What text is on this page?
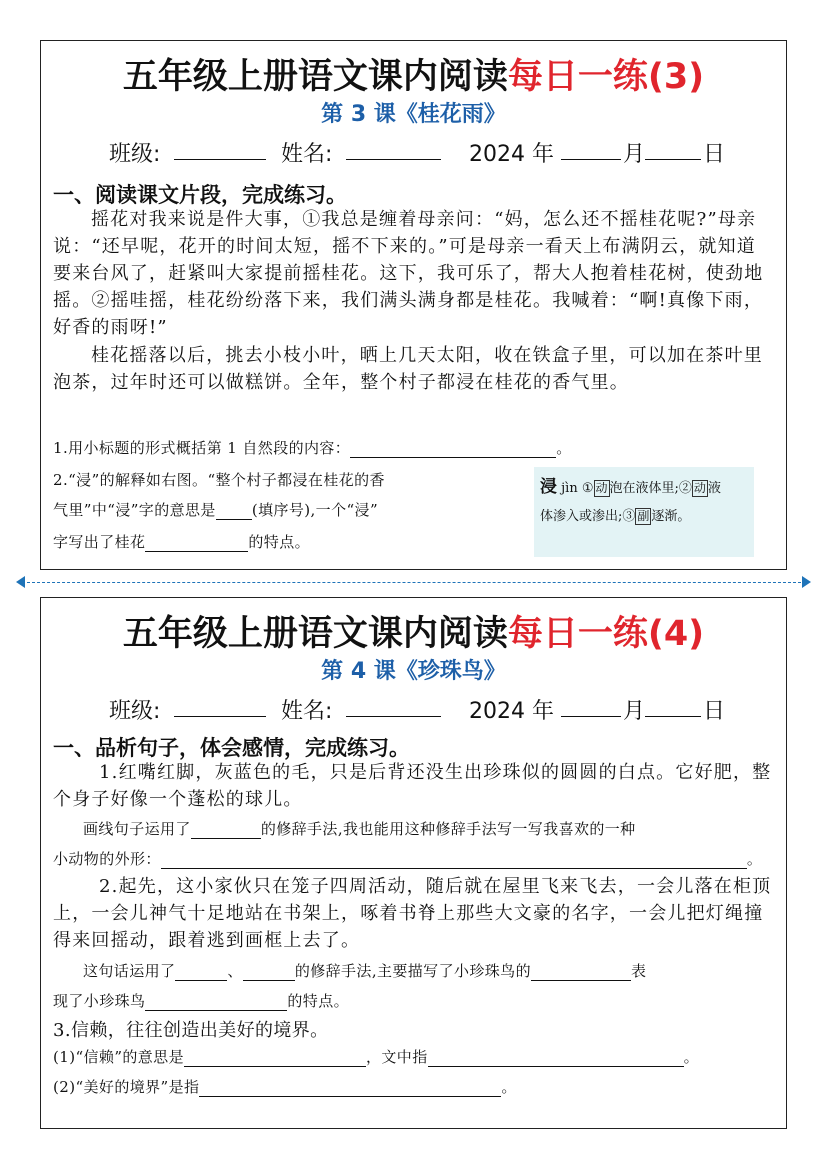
五年级上册语文课内阅读每日一练(3)
第 3 课《桂花雨》
班级:	姓名:	2024 年	月	日
一、阅读课文片段，完成练习。
摇花对我来说是件大事，①我总是缠着母亲问：“妈，怎么还不摇桂花呢?”母亲说：“还早呢，花开的时间太短，摇不下来的。”可是母亲一看天上布满阴云，就知道要来台风了，赶紧叫大家提前摇桂花。这下，我可乐了，帮大人抱着桂花树，使劲地摇。②摇哇摇，桂花纷纷落下来，我们满头满身都是桂花。我喊着：“啊!真像下雨，好香的雨呀!”
桂花摇落以后，挑去小枝小叶，晒上几天太阳，收在铁盒子里，可以加在茶叶里泡茶，过年时还可以做糕饼。全年，整个村子都浸在桂花的香气里。
1.用小标题的形式概括第 1 自然段的内容：	。
2.“浸”的解释如右图。“整个村子都浸在桂花的香
气里”中“浸”字的意思是 (填序号),一个“浸”
字写出了桂花	的特点。
浸 jìn ① 动 泡在液体里;② 动 液
体渗入或渗出;③ 副 逐渐。
五年级上册语文课内阅读每日一练(4)
第 4 课《珍珠鸟》
班级:	姓名:	2024 年	月	日
一、品析句子，体会感情，完成练习。
1.红嘴红脚，灰蓝色的毛，只是后背还没生出珍珠似的圆圆的白点。它好肥，整个身子好像一个蓬松的球儿。
画线句子运用了	的修辞手法,我也能用这种修辞手法写一写我喜欢的一种
小动物的外形：	。
2.起先，这小家伙只在笼子四周活动，随后就在屋里飞来飞去，一会儿落在柜顶上，一会儿神气十足地站在书架上，啄着书脊上那些大文豪的名字，一会儿把灯绳撞得来回摇动，跟着逃到画框上去了。
这句话运用了	、	的修辞手法,主要描写了小珍珠鸟的	表
现了小珍珠鸟	的特点。
3.信赖，往往创造出美好的境界。
(1)“信赖”的意思是	，文中指	。
(2)“美好的境界”是指	。
